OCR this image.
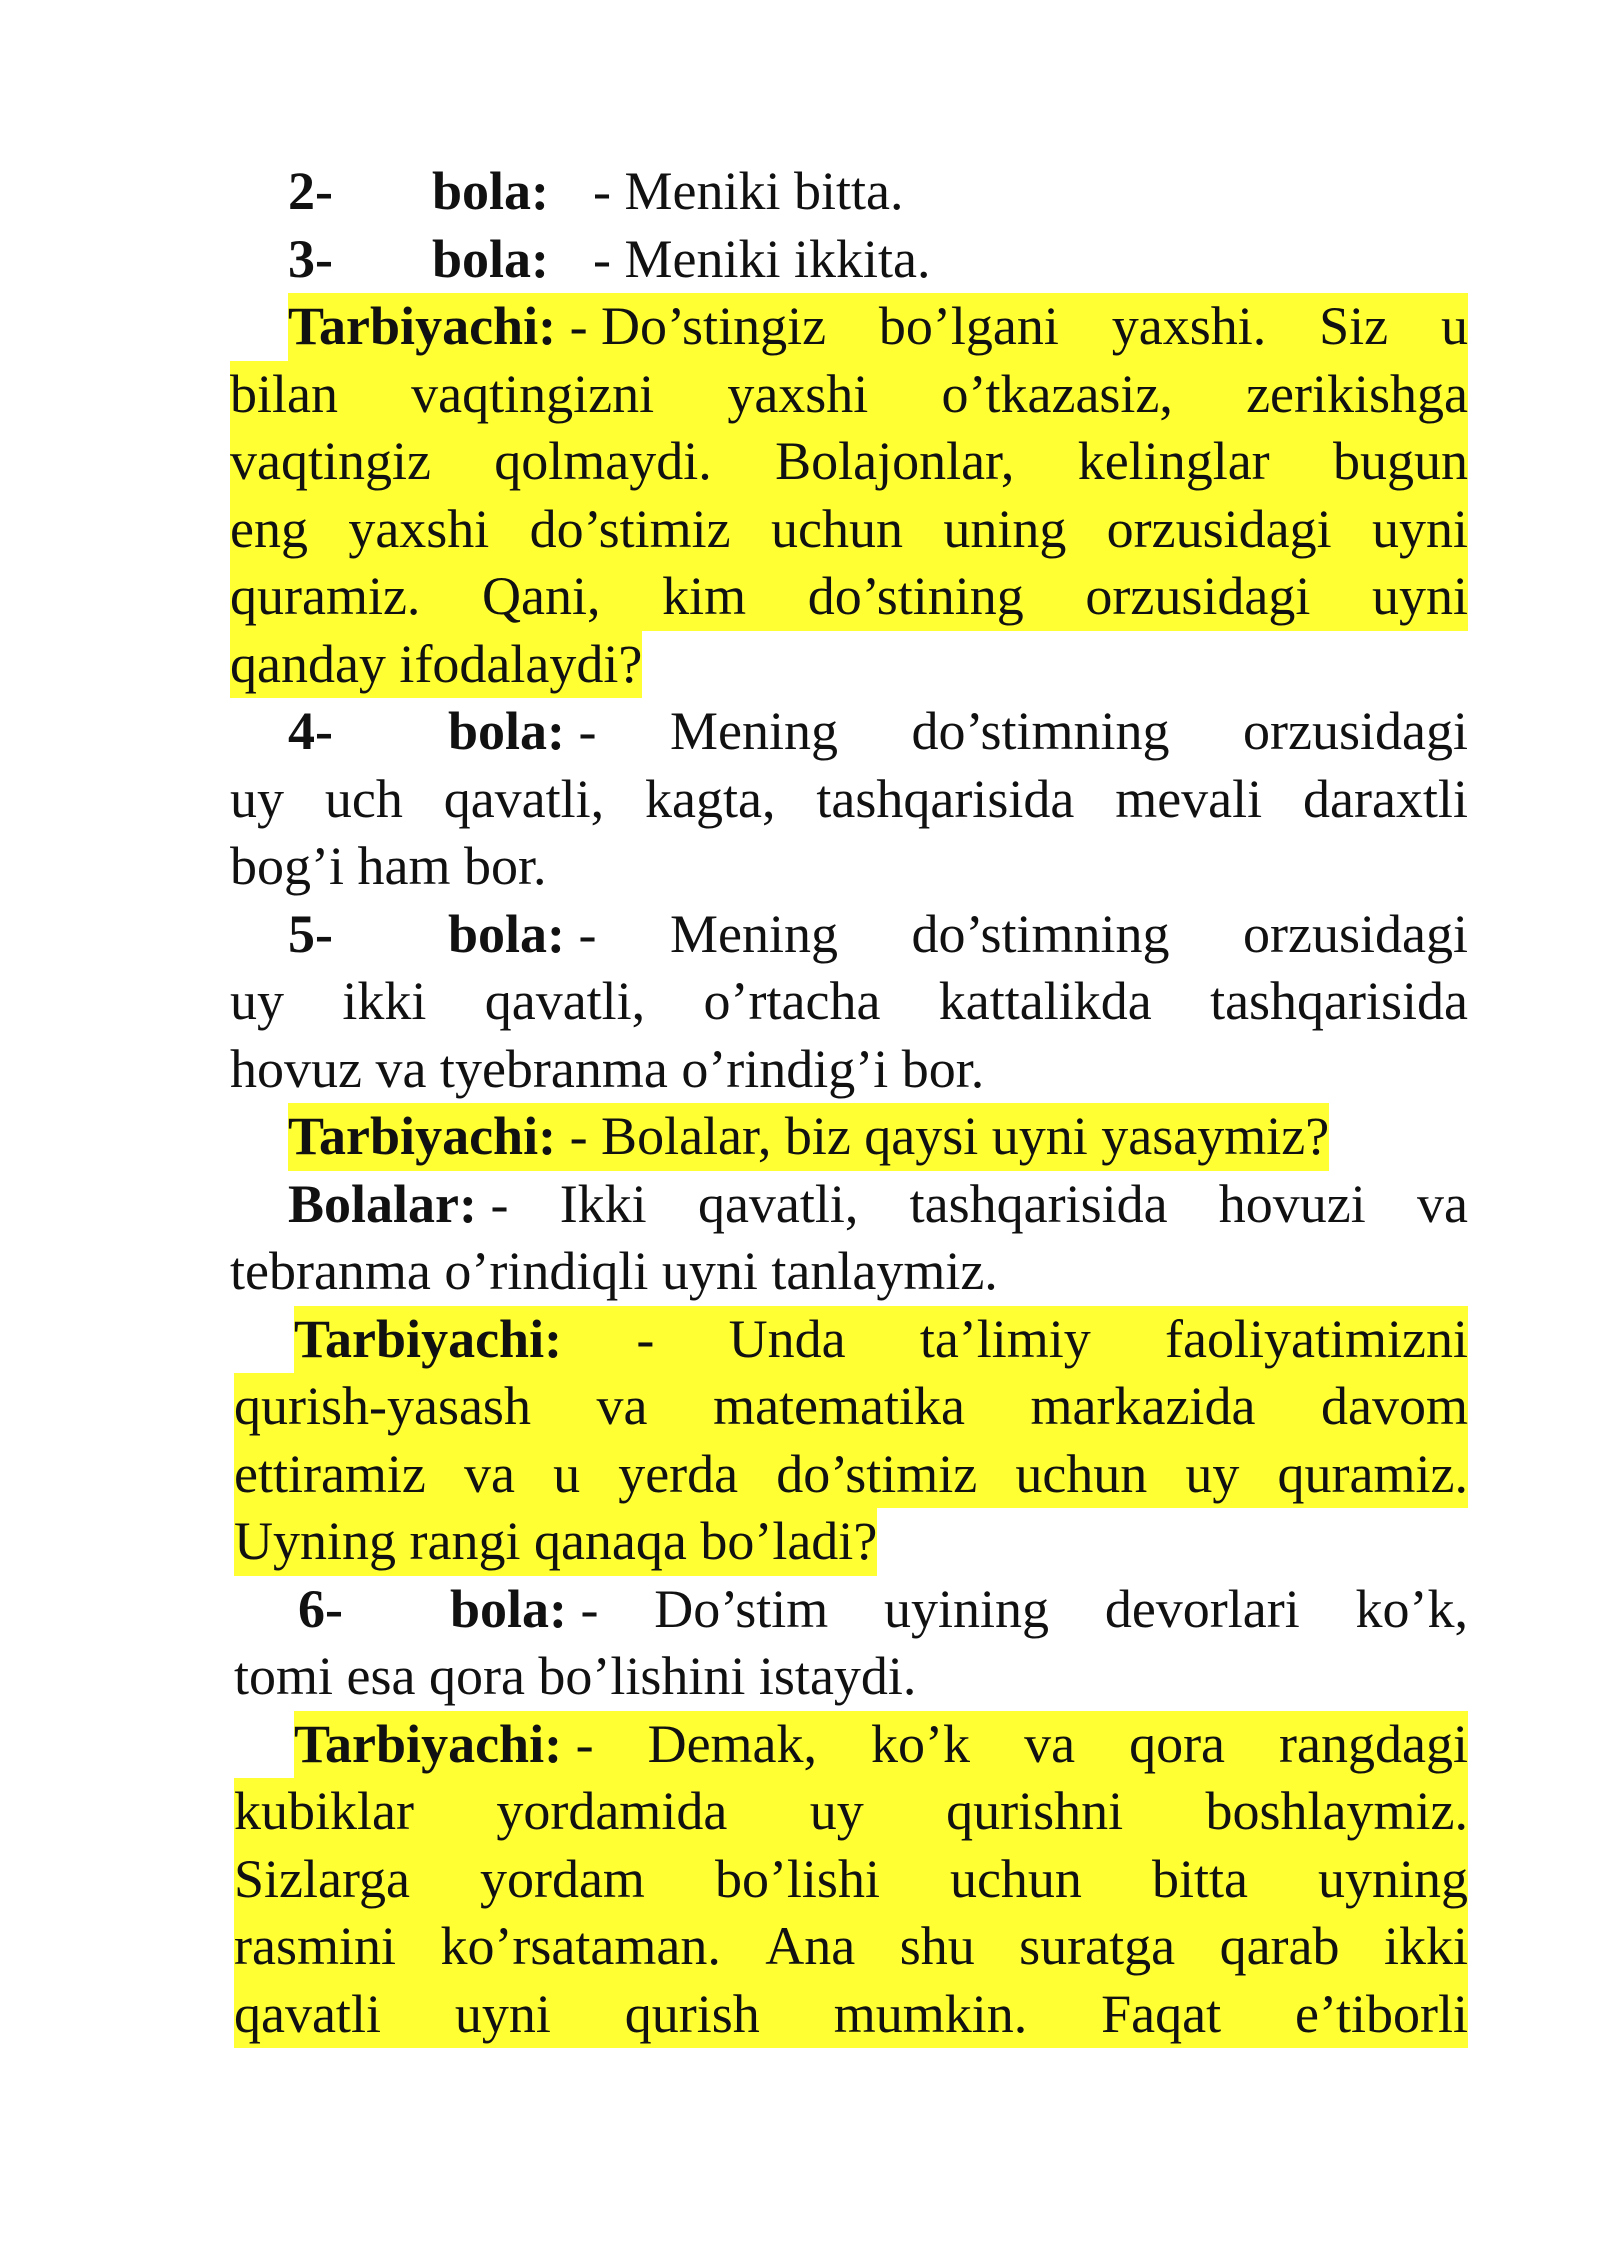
2-	bola: - Meniki bitta.
3-	bola: - Meniki ikkita.
Tarbiyachi: - Do’stingiz bo’lgani yaxshi. Siz u
bilan vaqtingizni yaxshi o’tkazasiz, zerikishga
vaqtingiz qolmaydi. Bolajonlar, kelinglar bugun
eng yaxshi do’stimiz uchun uning orzusidagi uyni
quramiz. Qani, kim do’stining orzusidagi uyni
qanday ifodalaydi?
4- bola: - Mening do’stimning orzusidagi
uy uch qavatli, kagta, tashqarisida mevali daraxtli
bog’i ham bor.
5- bola: - Mening do’stimning orzusidagi
uy ikki qavatli, o’rtacha kattalikda tashqarisida
hovuz va tyebranma o’rindig’i bor.
Tarbiyachi: - Bolalar, biz qaysi uyni yasaymiz?
Bolalar: - Ikki qavatli, tashqarisida hovuzi va
tebranma o’rindiqli uyni tanlaymiz.
Tarbiyachi: - Unda ta’limiy faoliyatimizni
qurish-yasash va matematika markazida davom
ettiramiz va u yerda do’stimiz uchun uy quramiz.
Uyning rangi qanaqa bo’ladi?
6- bola: - Do’stim uyining devorlari ko’k,
tomi esa qora bo’lishini istaydi.
Tarbiyachi: - Demak, ko’k va qora rangdagi
kubiklar yordamida uy qurishni boshlaymiz.
Sizlarga yordam bo’lishi uchun bitta uyning
rasmini ko’rsataman. Ana shu suratga qarab ikki
qavatli uyni qurish mumkin. Faqat e’tiborli
